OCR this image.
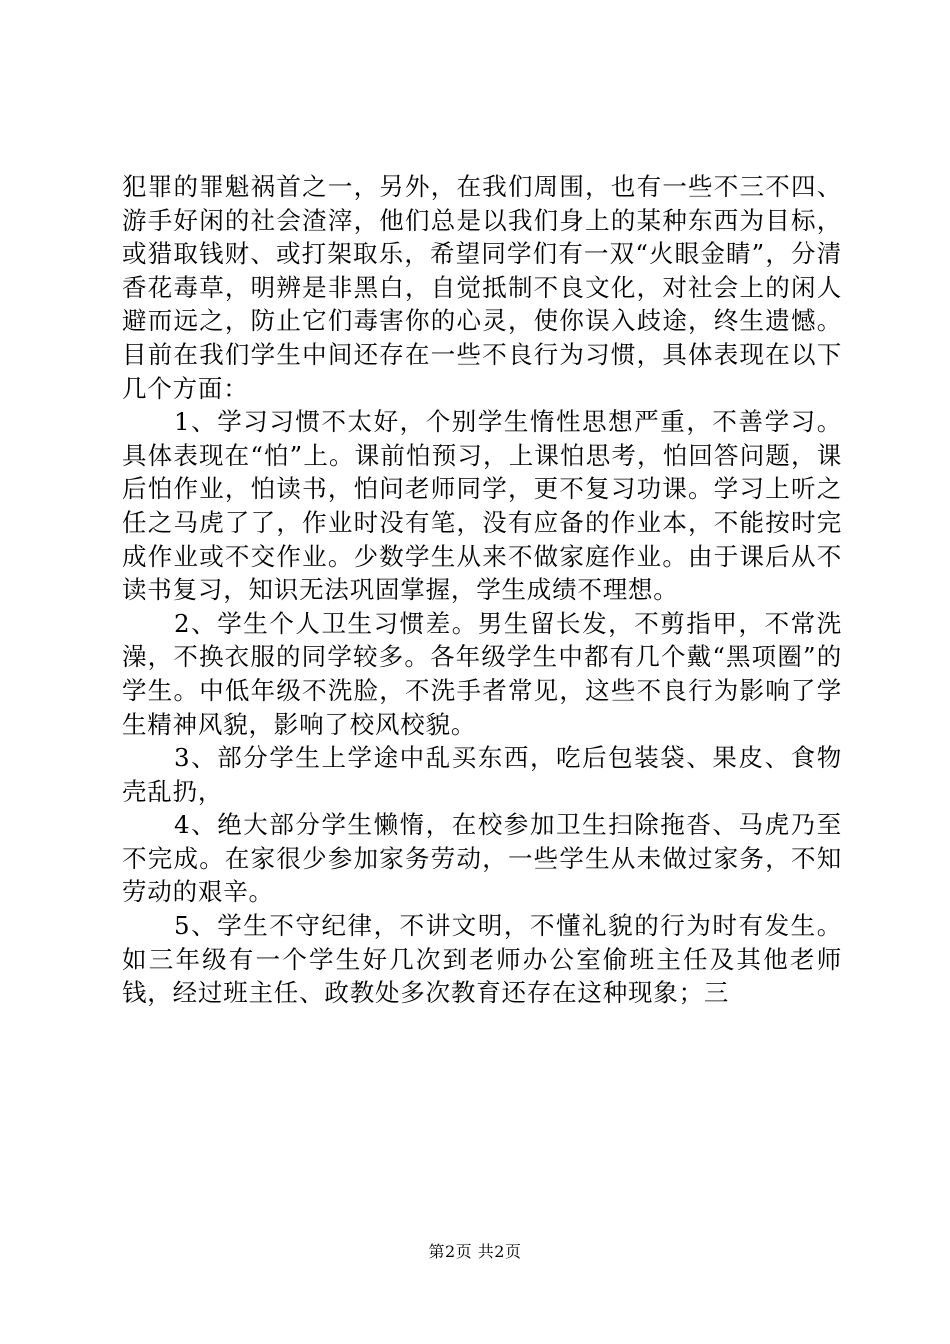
犯罪的罪魁祸首之一，另外，在我们周围，也有一些不三不四、游手好闲的社会渣滓，他们总是以我们身上的某种东西为目标，或猎取钱财、或打架取乐，希望同学们有一双“火眼金睛”，分清香花毒草，明辨是非黑白，自觉抵制不良文化，对社会上的闲人避而远之，防止它们毒害你的心灵，使你误入歧途，终生遗憾。目前在我们学生中间还存在一些不良行为习惯，具体表现在以下几个方面：

1、学习习惯不太好，个别学生惰性思想严重，不善学习。具体表现在“怕”上。课前怕预习，上课怕思考，怕回答问题，课后怕作业，怕读书，怕问老师同学，更不复习功课。学习上听之任之马虎了了，作业时没有笔，没有应备的作业本，不能按时完成作业或不交作业。少数学生从来不做家庭作业。由于课后从不读书复习，知识无法巩固掌握，学生成绩不理想。

2、学生个人卫生习惯差。男生留长发，不剪指甲，不常洗澡，不换衣服的同学较多。各年级学生中都有几个戴“黑项圈”的学生。中低年级不洗脸，不洗手者常见，这些不良行为影响了学生精神风貌，影响了校风校貌。

3、部分学生上学途中乱买东西，吃后包装袋、果皮、食物壳乱扔，

4、绝大部分学生懒惰，在校参加卫生扫除拖沓、马虎乃至不完成。在家很少参加家务劳动，一些学生从未做过家务，不知劳动的艰辛。

5、学生不守纪律，不讲文明，不懂礼貌的行为时有发生。如三年级有一个学生好几次到老师办公室偷班主任及其他老师钱，经过班主任、政教处多次教育还存在这种现象；三

第2页 共2页
